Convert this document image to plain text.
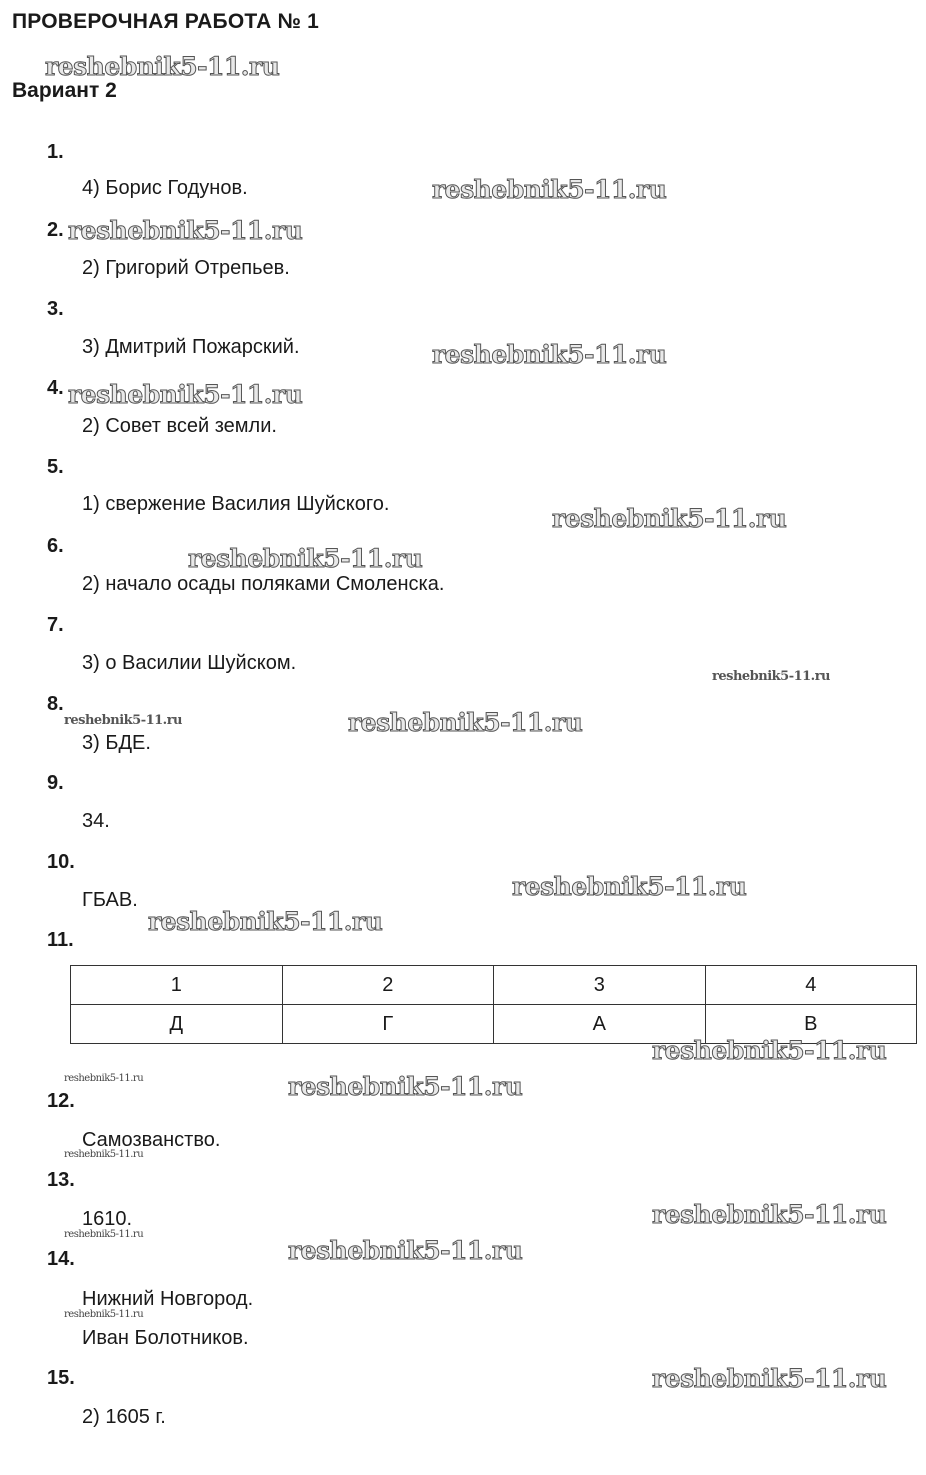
ПРОВЕРОЧНАЯ РАБОТА № 1
Вариант 2
1.
4) Борис Годунов.
2.
2) Григорий Отрепьев.
3.
3) Дмитрий Пожарский.
4.
2) Совет всей земли.
5.
1) свержение Василия Шуйского.
6.
2) начало осады поляками Смоленска.
7.
3) о Василии Шуйском.
8.
3) БДЕ.
9.
34.
10.
ГБАВ.
11.
1	2	3	4
Д	Г	А	В
12.
Самозванство.
13.
1610.
14.
Нижний Новгород.
Иван Болотников.
15.
2) 1605 г.
reshebnik5-11.ru
reshebnik5-11.ru
reshebnik5-11.ru
reshebnik5-11.ru
reshebnik5-11.ru
reshebnik5-11.ru
reshebnik5-11.ru
reshebnik5-11.ru
reshebnik5-11.ru	reshebnik5-11.ru
reshebnik5-11.ru
reshebnik5-11.ru
reshebnik5-11.ru
reshebnik5-11.ru	reshebnik5-11.ru
reshebnik5-11.ru
reshebnik5-11.ru
reshebnik5-11.ru
reshebnik5-11.ru
reshebnik5-11.ru
reshebnik5-11.ru
